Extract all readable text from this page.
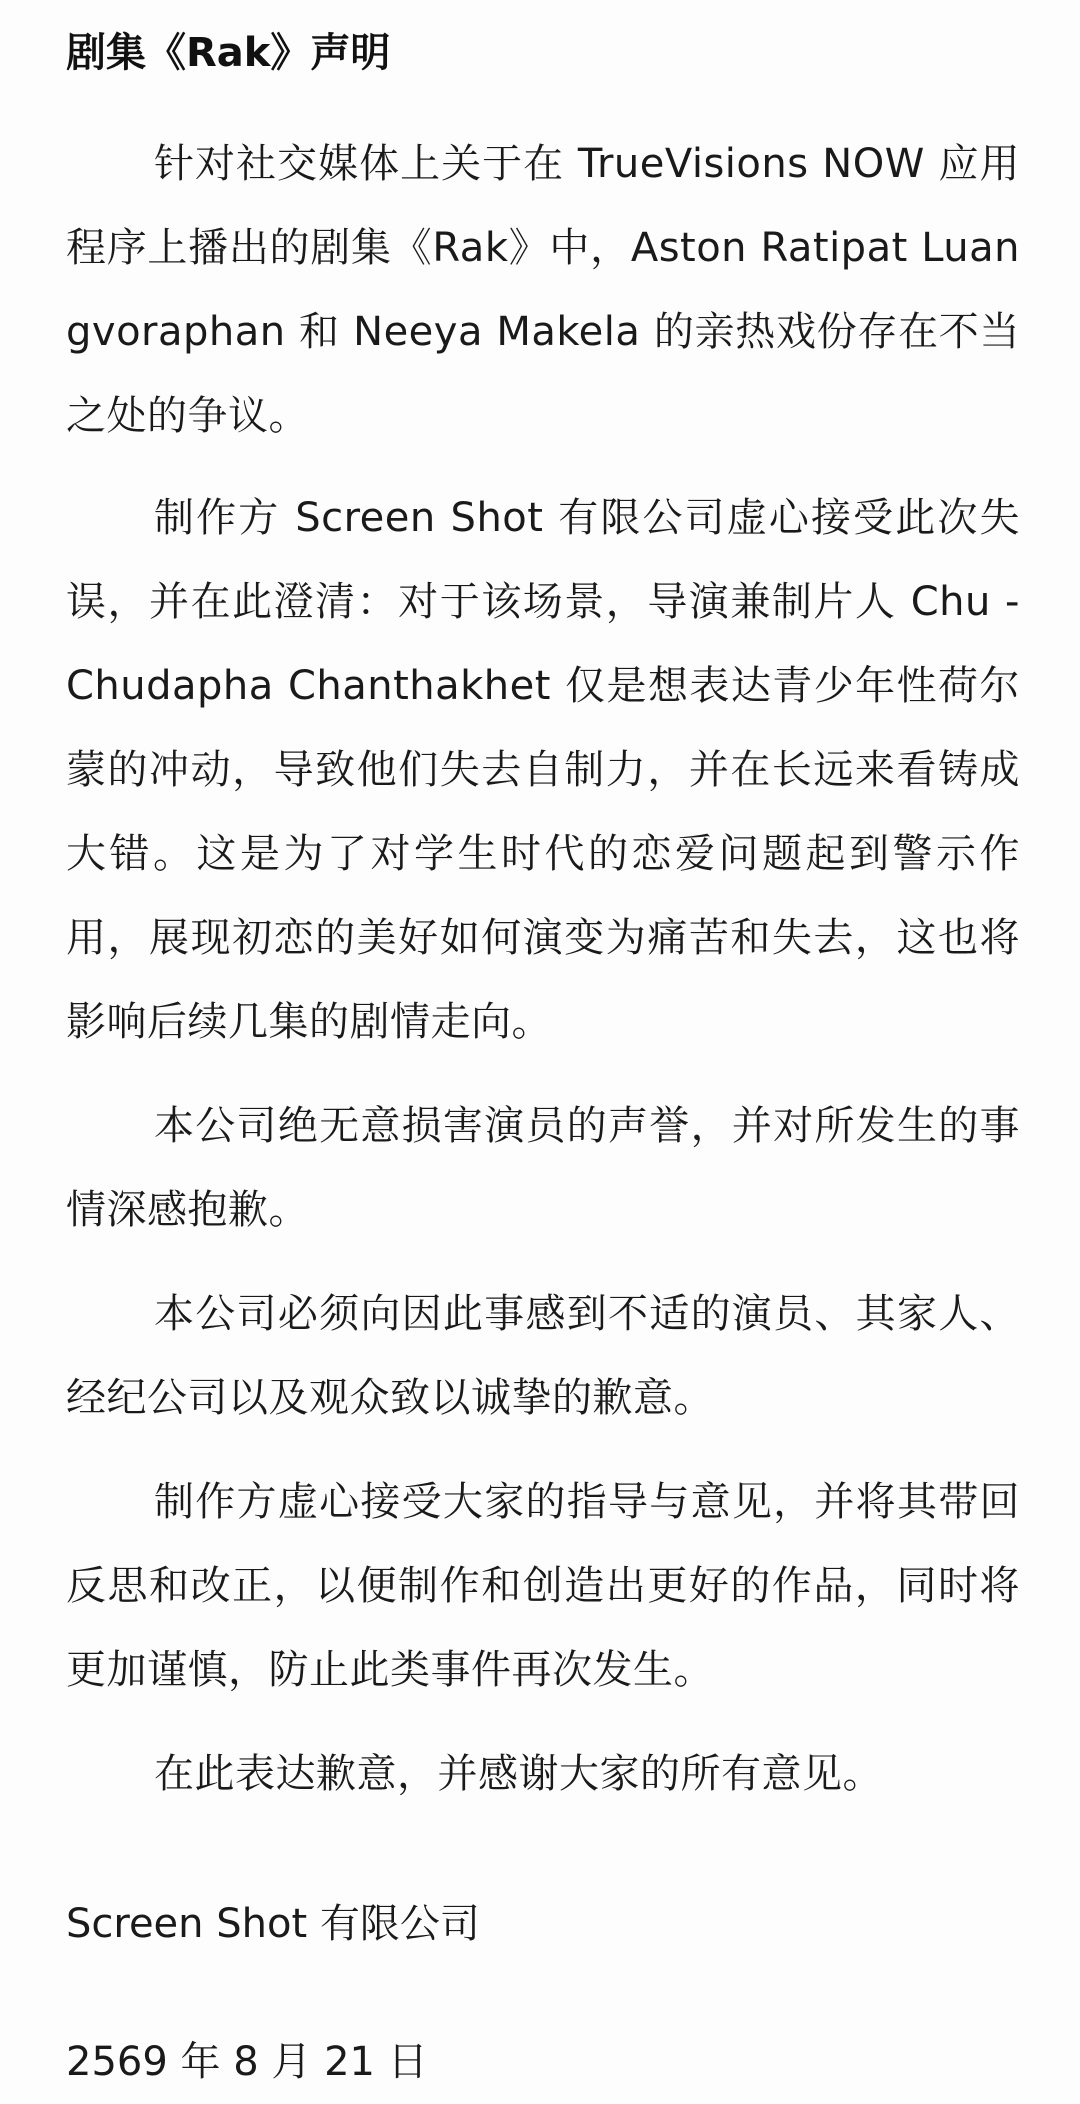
剧集《Rak》声明

针对社交媒体上关于在 TrueVisions NOW 应用程序上播出的剧集《Rak》中，Aston Ratipat Luangvoraphan 和 Neeya Makela 的亲热戏份存在不当之处的争议。

制作方 Screen Shot 有限公司虚心接受此次失误，并在此澄清：对于该场景，导演兼制片人 Chu - Chudapha Chanthakhet 仅是想表达青少年性荷尔蒙的冲动，导致他们失去自制力，并在长远来看铸成大错。这是为了对学生时代的恋爱问题起到警示作用，展现初恋的美好如何演变为痛苦和失去，这也将影响后续几集的剧情走向。

本公司绝无意损害演员的声誉，并对所发生的事情深感抱歉。

本公司必须向因此事感到不适的演员、其家人、经纪公司以及观众致以诚挚的歉意。

制作方虚心接受大家的指导与意见，并将其带回反思和改正，以便制作和创造出更好的作品，同时将更加谨慎，防止此类事件再次发生。

在此表达歉意，并感谢大家的所有意见。

Screen Shot 有限公司
2569 年 8 月 21 日
